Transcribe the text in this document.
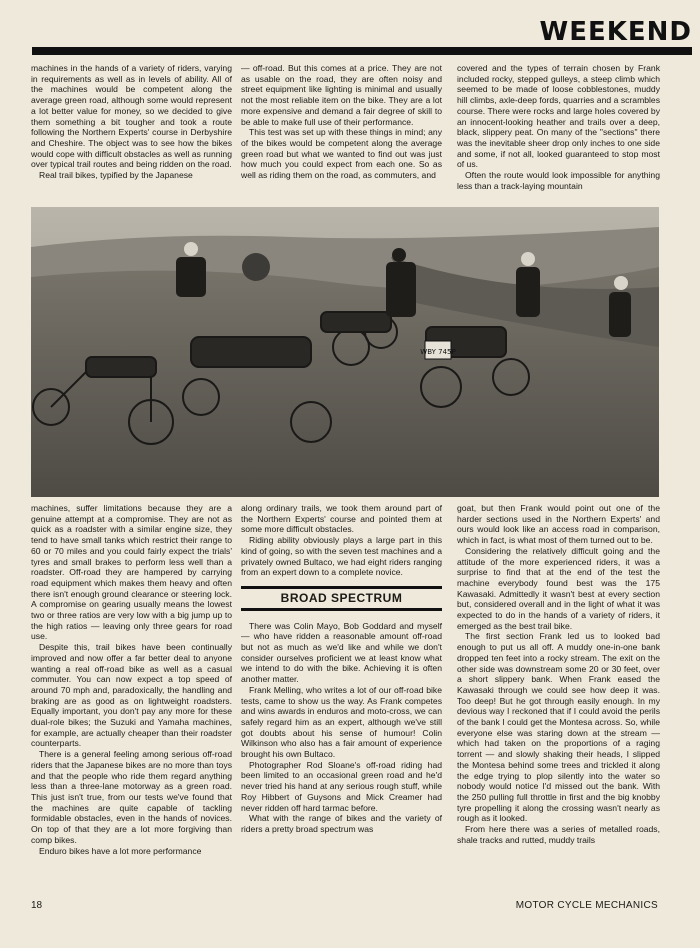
WEEKEND

machines in the hands of a variety of riders, varying in requirements as well as in levels of ability. All of the machines would be competent along the average green road, although some would represent a lot better value for money, so we decided to give them something a bit tougher and took a route following the Northern Experts' course in Derbyshire and Cheshire. The object was to see how the bikes would cope with difficult obstacles as well as running over typical trail routes and being ridden on the road.

Real trail bikes, typified by the Japanese

— off-road. But this comes at a price. They are not as usable on the road, they are often noisy and street equipment like lighting is minimal and usually not the most reliable item on the bike. They are a lot more expensive and demand a fair degree of skill to be able to make full use of their performance.

This test was set up with these things in mind; any of the bikes would be competent along the average green road but what we wanted to find out was just how much you could expect from each one. So as well as riding them on the road, as commuters, and

covered and the types of terrain chosen by Frank included rocky, stepped gulleys, a steep climb which seemed to be made of loose cobblestones, muddy hill climbs, axle-deep fords, quarries and a scrambles course. There were rocks and large holes covered by an innocent-looking heather and trails over a deep, black, slippery peat. On many of the "sections" there was the inevitable sheer drop only inches to one side and some, if not all, looked guaranteed to stop most of us.

Often the route would look impossible for anything less than a track-laying mountain

WBY 745P

machines, suffer limitations because they are a genuine attempt at a compromise. They are not as quick as a roadster with a similar engine size, they tend to have small tanks which restrict their range to 60 or 70 miles and you could fairly expect the trials' tyres and small brakes to perform less well than a roadster. Off-road they are hampered by carrying road equipment which makes them heavy and often there isn't enough ground clearance or steering lock. A compromise on gearing usually means the lowest two or three ratios are very low with a big jump up to the high ratios — leaving only three gears for road use.

Despite this, trail bikes have been continually improved and now offer a far better deal to anyone wanting a real off-road bike as well as a casual commuter. You can now expect a top speed of around 70 mph and, paradoxically, the handling and braking are as good as on lightweight roadsters. Equally important, you don't pay any more for these dual-role bikes; the Suzuki and Yamaha machines, for example, are actually cheaper than their roadster counterparts.

There is a general feeling among serious off-road riders that the Japanese bikes are no more than toys and that the people who ride them regard anything less than a three-lane motorway as a green road. This just isn't true, from our tests we've found that the machines are quite capable of tackling formidable obstacles, even in the hands of novices. On top of that they are a lot more forgiving than comp bikes.

Enduro bikes have a lot more performance

along ordinary trails, we took them around part of the Northern Experts' course and pointed them at some more difficult obstacles.

Riding ability obviously plays a large part in this kind of going, so with the seven test machines and a privately owned Bultaco, we had eight riders ranging from an expert down to a complete novice.

BROAD SPECTRUM

There was Colin Mayo, Bob Goddard and myself — who have ridden a reasonable amount off-road but not as much as we'd like and while we don't consider ourselves proficient we at least know what we intend to do with the bike. Achieving it is often another matter.

Frank Melling, who writes a lot of our off-road bike tests, came to show us the way. As Frank competes and wins awards in enduros and moto-cross, we can safely regard him as an expert, although we've still got doubts about his sense of humour! Colin Wilkinson who also has a fair amount of experience brought his own Bultaco.

Photographer Rod Sloane's off-road riding had been limited to an occasional green road and he'd never tried his hand at any serious rough stuff, while Roy Hibbert of Guysons and Mick Creamer had never ridden off hard tarmac before.

What with the range of bikes and the variety of riders a pretty broad spectrum was

goat, but then Frank would point out one of the harder sections used in the Northern Experts' and ours would look like an access road in comparison, which in fact, is what most of them turned out to be.

Considering the relatively difficult going and the attitude of the more experienced riders, it was a surprise to find that at the end of the test the machine everybody found best was the 175 Kawasaki. Admittedly it wasn't best at every section but, considered overall and in the light of what it was expected to do in the hands of a variety of riders, it emerged as the best trail bike.

The first section Frank led us to looked bad enough to put us all off. A muddy one-in-one bank dropped ten feet into a rocky stream. The exit on the other side was downstream some 20 or 30 feet, over a short slippery bank. When Frank eased the Kawasaki through we could see how deep it was. Too deep! But he got through easily enough. In my devious way I reckoned that if I could avoid the perils of the bank I could get the Montesa across. So, while everyone else was staring down at the stream — which had taken on the proportions of a raging torrent — and slowly shaking their heads, I slipped the Montesa behind some trees and trickled it along the edge trying to plop silently into the water so nobody would notice I'd missed out the bank. With the 250 pulling full throttle in first and the big knobby tyre propelling it along the crossing wasn't nearly as rough as it looked.

From here there was a series of metalled roads, shale tracks and rutted, muddy trails

18	MOTOR CYCLE MECHANICS
